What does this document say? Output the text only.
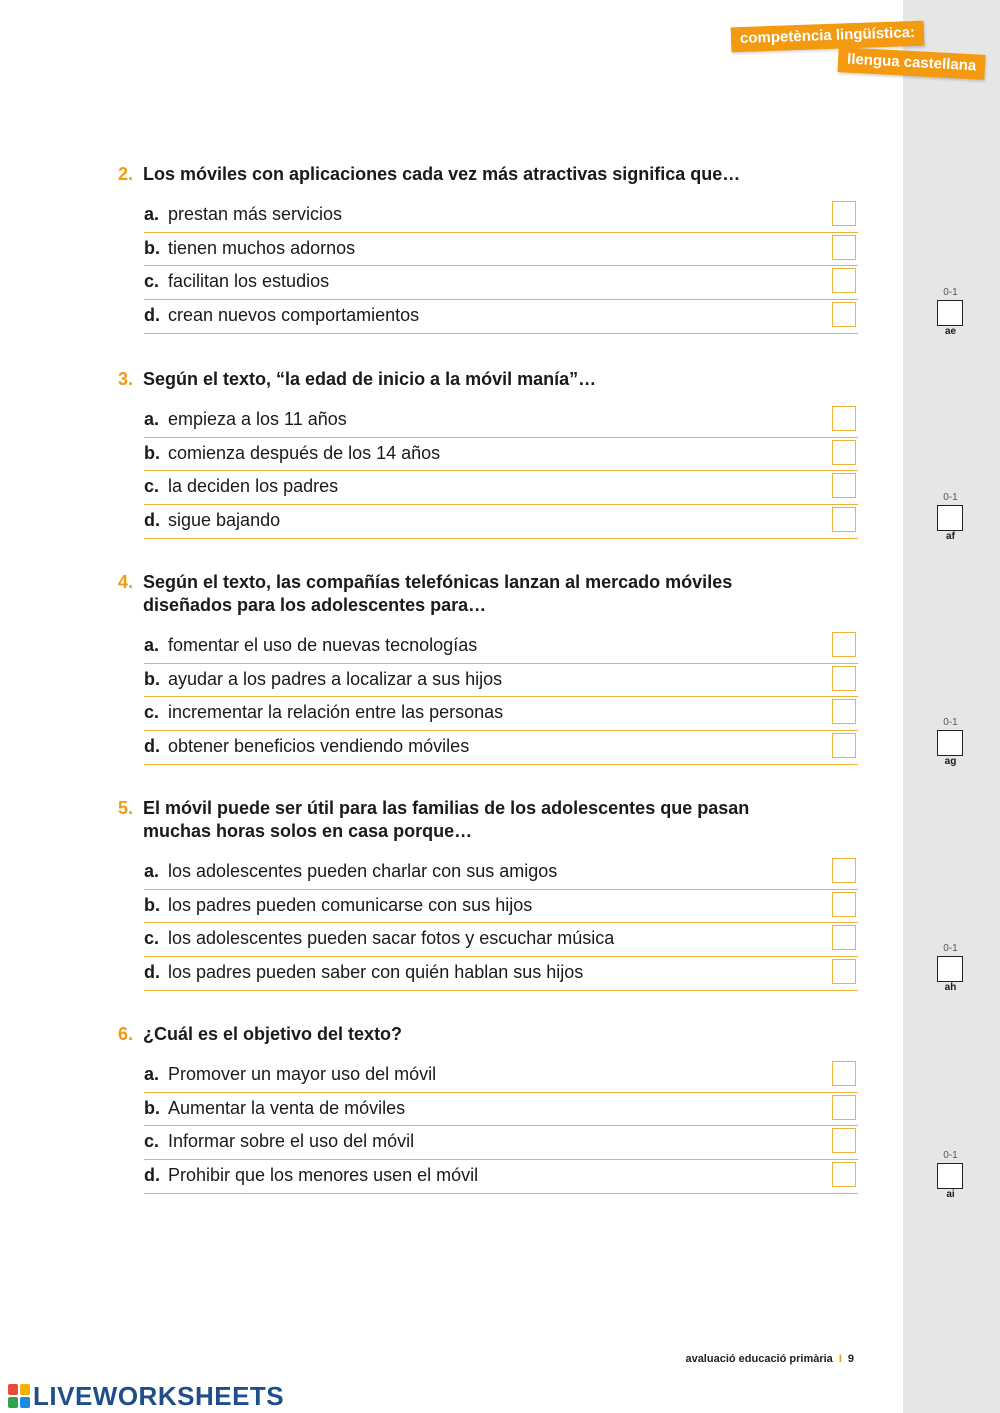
competència lingüística:
llengua castellana
2. Los móviles con aplicaciones cada vez más atractivas significa que…
a. prestan más servicios
b. tienen muchos adornos
c. facilitan los estudios
d. crean nuevos comportamientos
3. Según el texto, “la edad de inicio a la móvil manía”…
a. empieza a los 11 años
b. comienza después de los 14 años
c. la deciden los padres
d. sigue bajando
4. Según el texto, las compañías telefónicas lanzan al mercado móviles
diseñados para los adolescentes para…
a. fomentar el uso de nuevas tecnologías
b. ayudar a los padres a localizar a sus hijos
c. incrementar la relación entre las personas
d. obtener beneficios vendiendo móviles
5. El móvil puede ser útil para las familias de los adolescentes que pasan
muchas horas solos en casa porque…
a. los adolescentes pueden charlar con sus amigos
b. los padres pueden comunicarse con sus hijos
c. los adolescentes pueden sacar fotos y escuchar música
d. los padres pueden saber con quién hablan sus hijos
6. ¿Cuál es el objetivo del texto?
a. Promover un mayor uso del móvil
b. Aumentar la venta de móviles
c. Informar sobre el uso del móvil
d. Prohibir que los menores usen el móvil
0-1
ae
0-1
af
0-1
ag
0-1
ah
0-1
ai
avaluació educació primària I 9
LIVEWORKSHEETS
